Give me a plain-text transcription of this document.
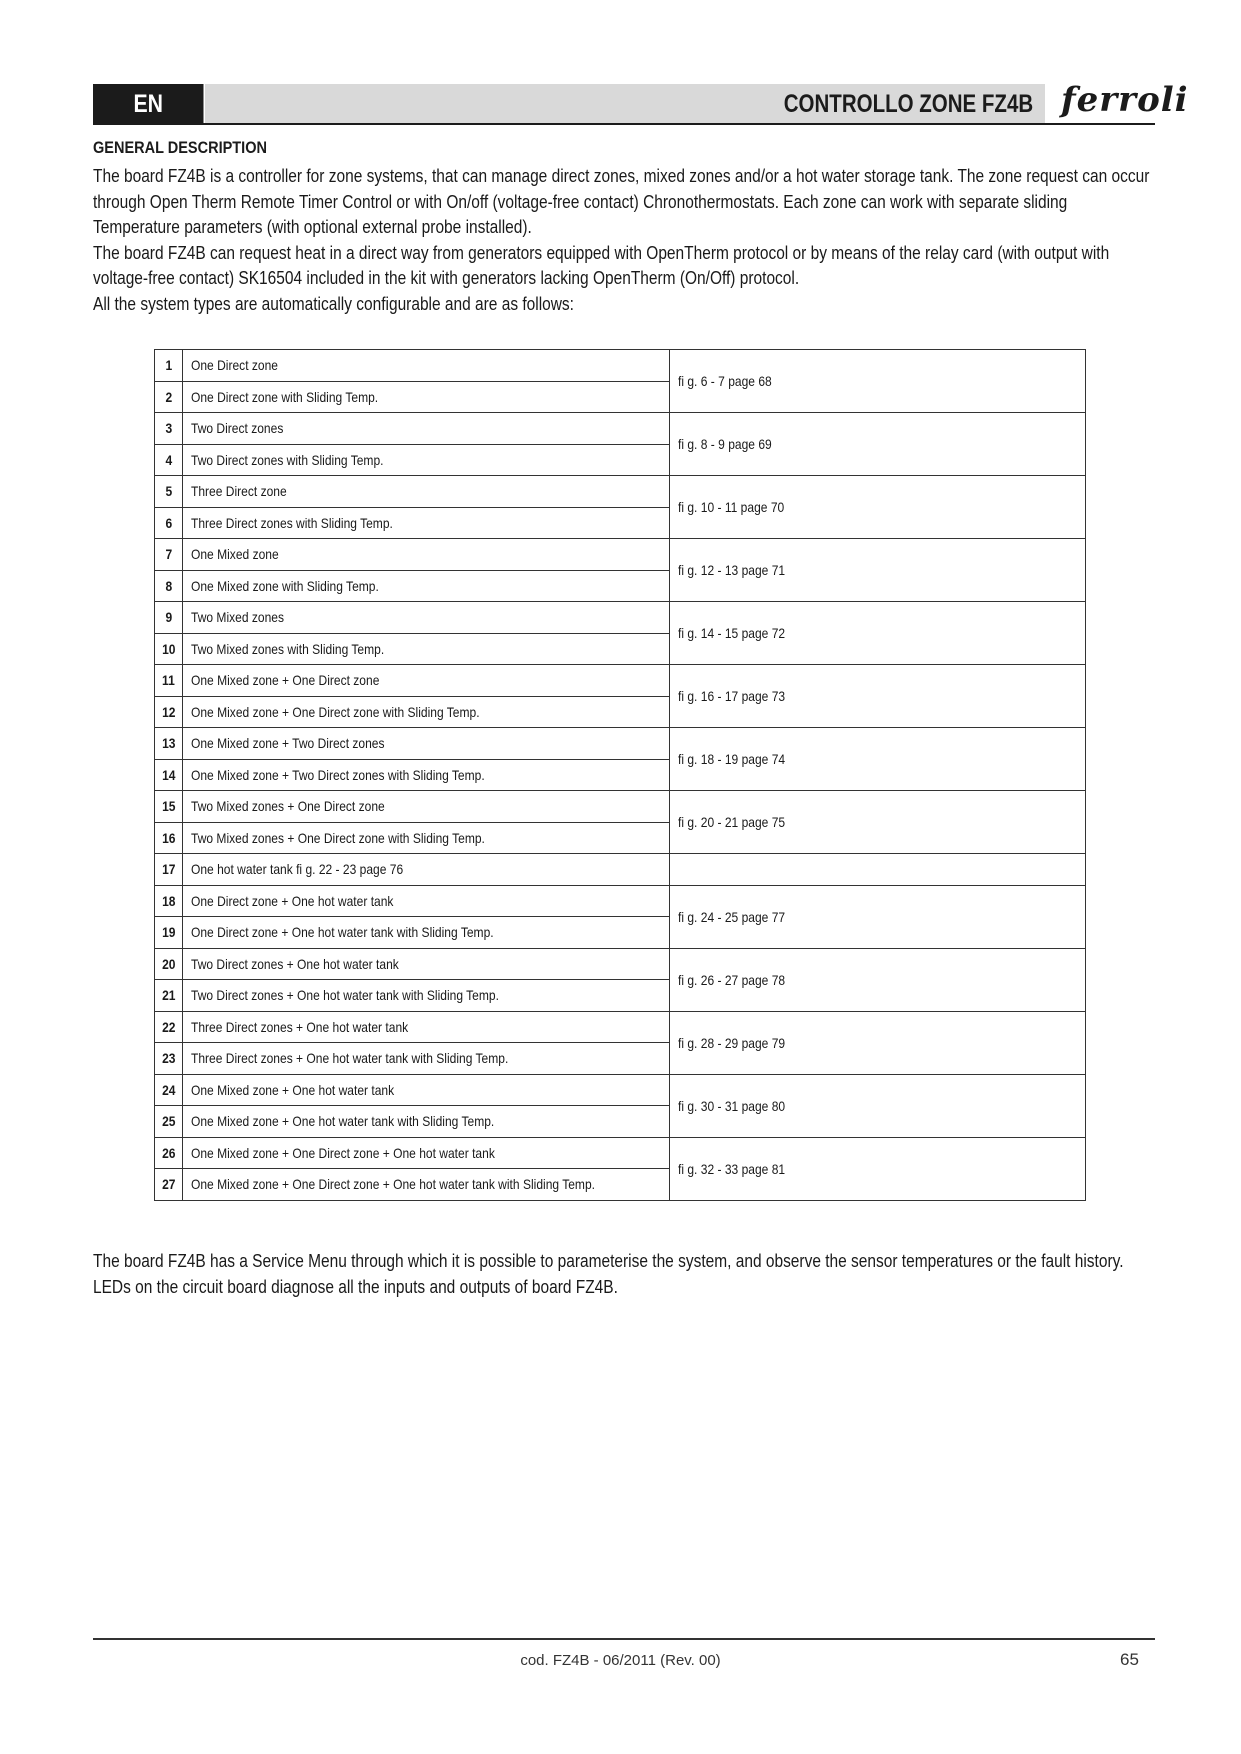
EN	CONTROLLO ZONE FZ4B ferroli
GENERAL DESCRIPTION

The board FZ4B is a controller for zone systems, that can manage direct zones, mixed zones and/or a hot water storage tank. The zone request can occur through Open Therm Remote Timer Control or with On/off (voltage-free contact) Chronothermostats. Each zone can work with separate sliding Temperature parameters (with optional external probe installed).

The board FZ4B can request heat in a direct way from generators equipped with OpenTherm protocol or by means of the relay card (with output with voltage-free contact) SK16504 included in the kit with generators lacking OpenTherm (On/Off) protocol.

All the system types are automatically configurable and are as follows:

1	One Direct zone	fi g. 6 - 7 page 68
2	One Direct zone with Sliding Temp.	
3	Two Direct zones	fi g. 8 - 9 page 69
4	Two Direct zones with Sliding Temp.	
5	Three Direct zone	fi g. 10 - 11 page 70
6	Three Direct zones with Sliding Temp.	
7	One Mixed zone	fi g. 12 - 13 page 71
8	One Mixed zone with Sliding Temp.	
9	Two Mixed zones	fi g. 14 - 15 page 72
10	Two Mixed zones with Sliding Temp.	
11	One Mixed zone + One Direct zone	fi g. 16 - 17 page 73
12	One Mixed zone + One Direct zone with Sliding Temp.	
13	One Mixed zone + Two Direct zones	fi g. 18 - 19 page 74
14	One Mixed zone + Two Direct zones with Sliding Temp.	
15	Two Mixed zones + One Direct zone	fi g. 20 - 21 page 75
16	Two Mixed zones + One Direct zone with Sliding Temp.	
17	One hot water tank fi g. 22 - 23 page 76	
18	One Direct zone + One hot water tank	fi g. 24 - 25 page 77
19	One Direct zone + One hot water tank with Sliding Temp.	
20	Two Direct zones + One hot water tank	fi g. 26 - 27 page 78
21	Two Direct zones + One hot water tank with Sliding Temp.	
22	Three Direct zones + One hot water tank	fi g. 28 - 29 page 79
23	Three Direct zones + One hot water tank with Sliding Temp.	
24	One Mixed zone + One hot water tank	fi g. 30 - 31 page 80
25	One Mixed zone + One hot water tank with Sliding Temp.	
26	One Mixed zone + One Direct zone + One hot water tank	fi g. 32 - 33 page 81
27	One Mixed zone + One Direct zone + One hot water tank with Sliding Temp.	

The board FZ4B has a Service Menu through which it is possible to parameterise the system, and observe the sensor temperatures or the fault history. LEDs on the circuit board diagnose all the inputs and outputs of board FZ4B.

cod. FZ4B - 06/2011 (Rev. 00)	65
